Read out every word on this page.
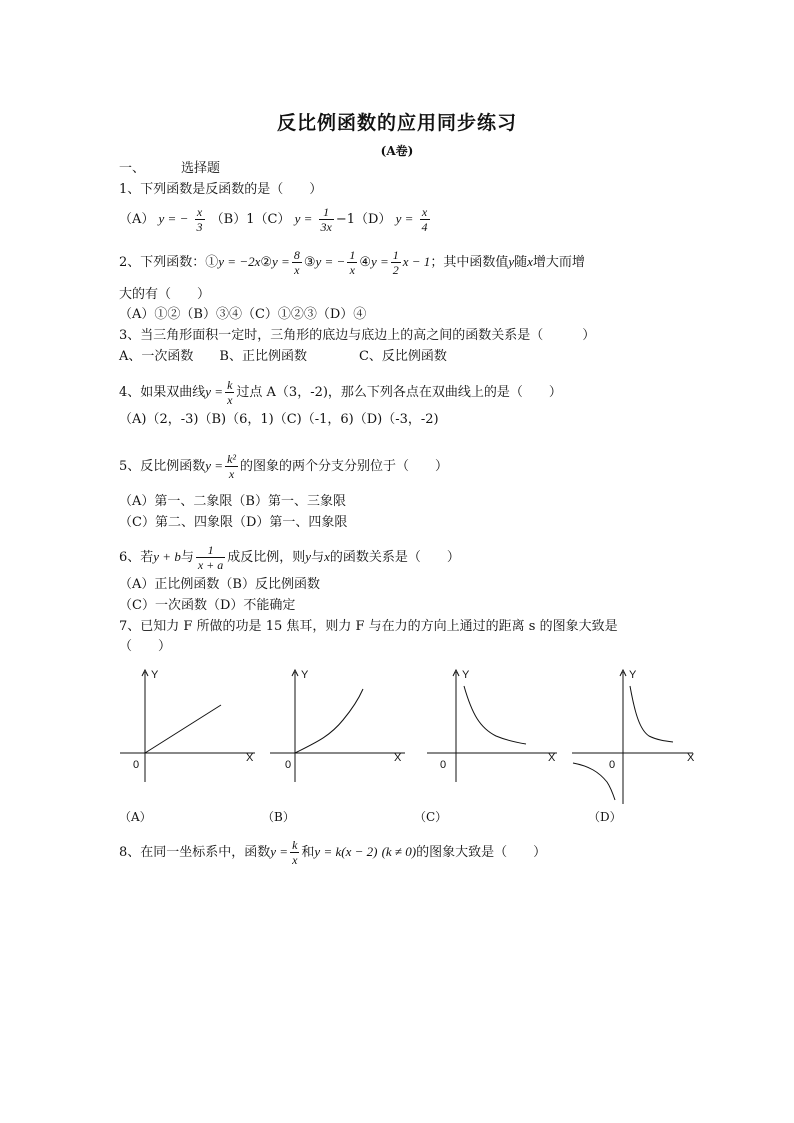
反比例函数的应用同步练习
(A卷)
一、	选择题
1、下列函数是反函数的是（　　）
（A） y = − $\frac{x}{3} (B)1(C) y = \frac{1}{3x} -1(D) y = \frac{x}{4}$
2、下列函数：①y = −2x②y = $\frac{8}{x}$ ③y = − $\frac{1}{x}$ ④y = $\frac{1}{2}$ x − 1；其中函数值y随x增大而增
大的有（　　）
（A）①②（B）③④（C）①②③（D）④
3、当三角形面积一定时，三角形的底边与底边上的高之间的函数关系是（　　　）
A、一次函数　　B、正比例函数　　　　C、反比例函数
4、如果双曲线$y = \frac{k}{x}$ 过点 A（3，-2)，那么下列各点在双曲线上的是（　　）
（A)（2，-3)（B)（6，1)（C)（-1，6)（D)（-3，-2)
5、反比例函数$y = \frac{\text{k²}}{x}$ 的图象的两个分支分别位于（　　）
（A）第一、二象限（B）第一、三象限
（C）第二、四象限（D）第一、四象限
6、若y + b与 $\frac{1}{x + a}$ 成反比例，则y与x的函数关系是（　　）
（A）正比例函数（B）反比例函数
（C）一次函数（D）不能确定
7、已知力 F 所做的功是 15 焦耳，则力 F 与在力的方向上通过的距离 s 的图象大致是
（　　）
Y
X
0
Y
X
0
Y
X
0
Y
X
0
（A）	（B）	（C）	（D）
8、在同一坐标系中，函数$y = \frac{k}{x}$ 和y = k(x − 2) (k ≠ 0)的图象大致是（　　）
